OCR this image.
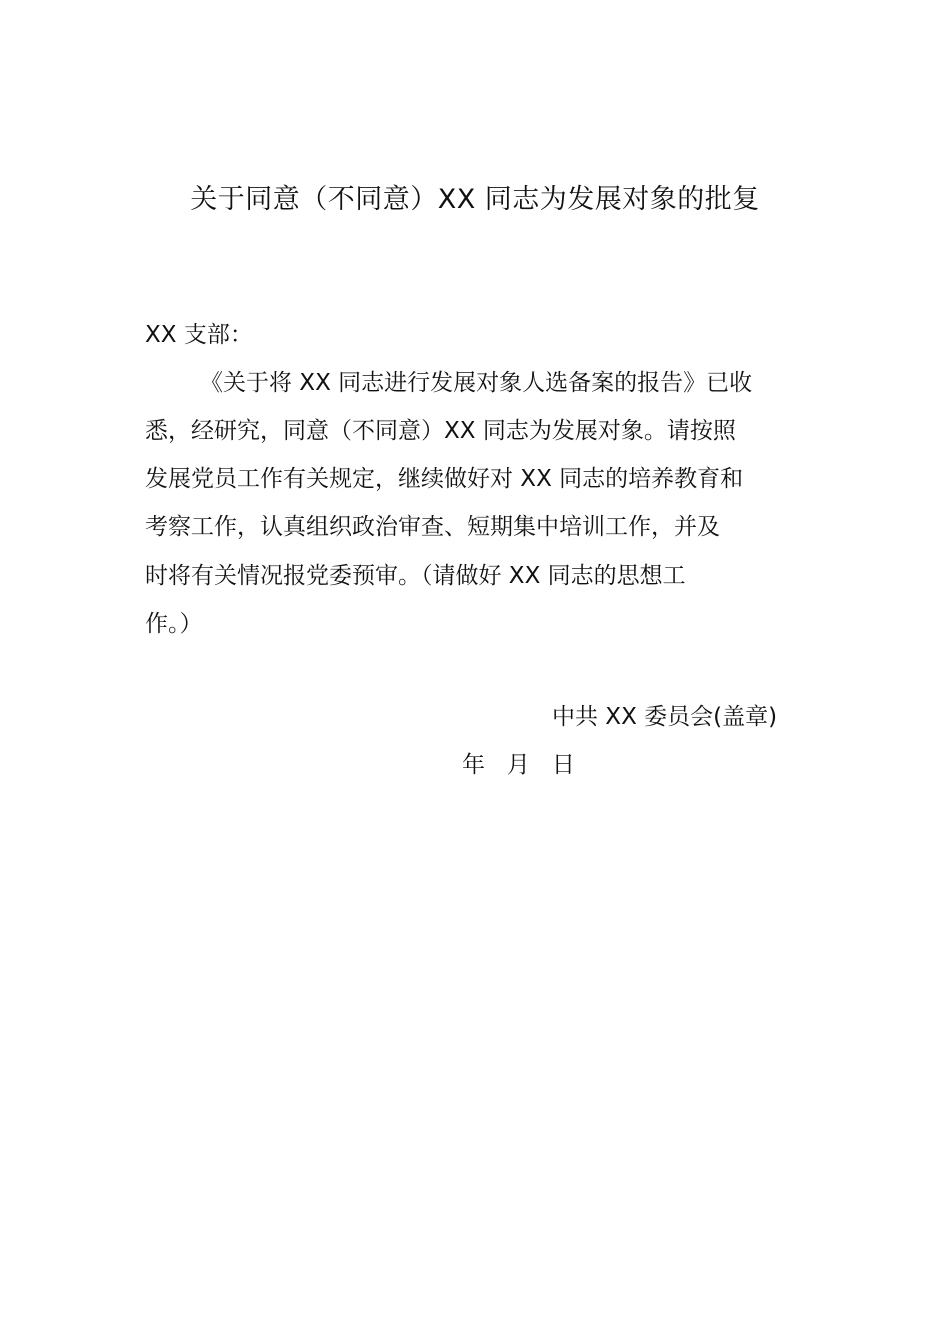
关于同意（不同意）XX 同志为发展对象的批复
XX 支部：
《关于将 XX 同志进行发展对象人选备案的报告》已收
悉，经研究，同意（不同意）XX 同志为发展对象。请按照
发展党员工作有关规定，继续做好对 XX 同志的培养教育和
考察工作，认真组织政治审查、短期集中培训工作，并及
时将有关情况报党委预审。（请做好 XX 同志的思想工
作。）
中共 XX 委员会(盖章)
年   月   日
